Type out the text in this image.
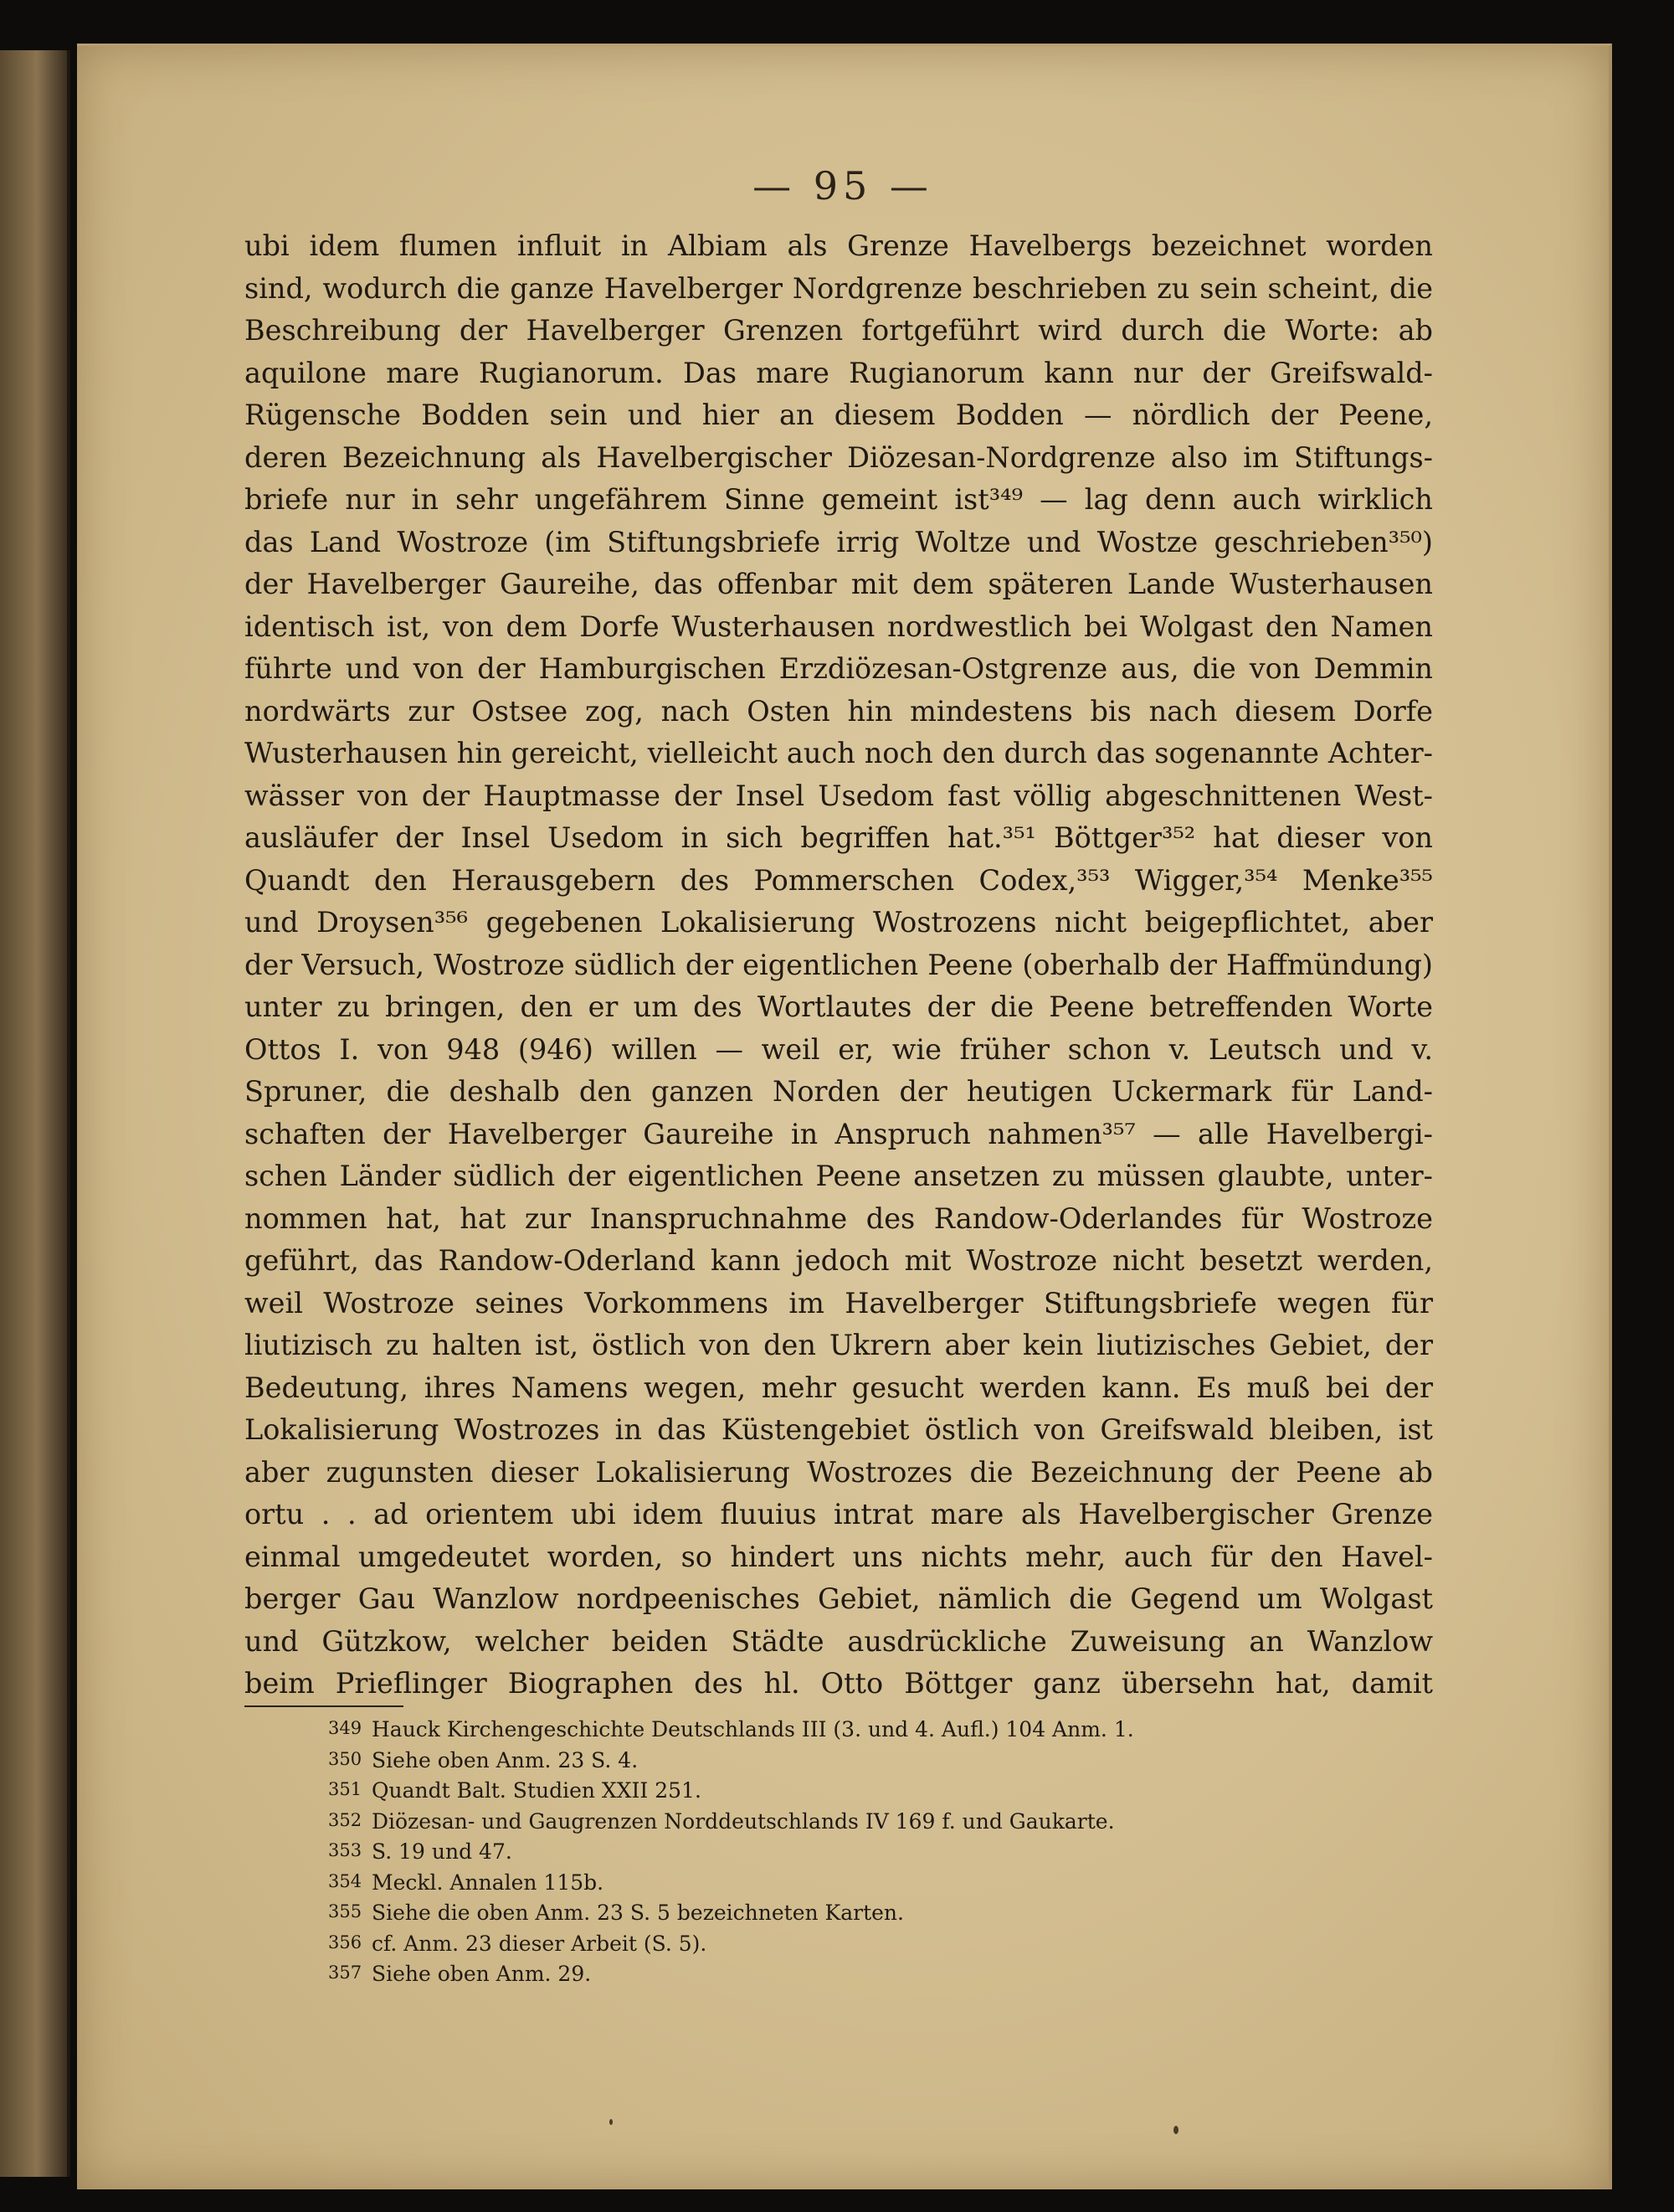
— 95 —

ubi idem flumen influit in Albiam als Grenze Havelbergs bezeichnet worden

sind, wodurch die ganze Havelberger Nordgrenze beschrieben zu sein scheint, die

Beschreibung der Havelberger Grenzen fortgeführt wird durch die Worte: ab

aquilone mare Rugianorum. Das mare Rugianorum kann nur der Greifswald-

Rügensche Bodden sein und hier an diesem Bodden — nördlich der Peene,

deren Bezeichnung als Havelbergischer Diözesan-Nordgrenze also im Stiftungs-

briefe nur in sehr ungefährem Sinne gemeint ist³⁴⁹ — lag denn auch wirklich

das Land Wostroze (im Stiftungsbriefe irrig Woltze und Wostze geschrieben³⁵⁰)

der Havelberger Gaureihe, das offenbar mit dem späteren Lande Wusterhausen

identisch ist, von dem Dorfe Wusterhausen nordwestlich bei Wolgast den Namen

führte und von der Hamburgischen Erzdiözesan-Ostgrenze aus, die von Demmin

nordwärts zur Ostsee zog, nach Osten hin mindestens bis nach diesem Dorfe

Wusterhausen hin gereicht, vielleicht auch noch den durch das sogenannte Achter-

wässer von der Hauptmasse der Insel Usedom fast völlig abgeschnittenen West-

ausläufer der Insel Usedom in sich begriffen hat.³⁵¹ Böttger³⁵² hat dieser von

Quandt den Herausgebern des Pommerschen Codex,³⁵³ Wigger,³⁵⁴ Menke³⁵⁵

und Droysen³⁵⁶ gegebenen Lokalisierung Wostrozens nicht beigepflichtet, aber

der Versuch, Wostroze südlich der eigentlichen Peene (oberhalb der Haffmündung)

unter zu bringen, den er um des Wortlautes der die Peene betreffenden Worte

Ottos I. von 948 (946) willen — weil er, wie früher schon v. Leutsch und v.

Spruner, die deshalb den ganzen Norden der heutigen Uckermark für Land-

schaften der Havelberger Gaureihe in Anspruch nahmen³⁵⁷ — alle Havelbergi-

schen Länder südlich der eigentlichen Peene ansetzen zu müssen glaubte, unter-

nommen hat, hat zur Inanspruchnahme des Randow-Oderlandes für Wostroze

geführt, das Randow-Oderland kann jedoch mit Wostroze nicht besetzt werden,

weil Wostroze seines Vorkommens im Havelberger Stiftungsbriefe wegen für

liutizisch zu halten ist, östlich von den Ukrern aber kein liutizisches Gebiet, der

Bedeutung, ihres Namens wegen, mehr gesucht werden kann. Es muß bei der

Lokalisierung Wostrozes in das Küstengebiet östlich von Greifswald bleiben, ist

aber zugunsten dieser Lokalisierung Wostrozes die Bezeichnung der Peene ab

ortu . . ad orientem ubi idem fluuius intrat mare als Havelbergischer Grenze

einmal umgedeutet worden, so hindert uns nichts mehr, auch für den Havel-

berger Gau Wanzlow nordpeenisches Gebiet, nämlich die Gegend um Wolgast

und Gützkow, welcher beiden Städte ausdrückliche Zuweisung an Wanzlow

beim Prieflinger Biographen des hl. Otto Böttger ganz übersehn hat, damit

349 Hauck Kirchengeschichte Deutschlands III (3. und 4. Aufl.) 104 Anm. 1.
350 Siehe oben Anm. 23 S. 4.
351 Quandt Balt. Studien XXII 251.
352 Diözesan- und Gaugrenzen Norddeutschlands IV 169 f. und Gaukarte.
353 S. 19 und 47.
354 Meckl. Annalen 115b.
355 Siehe die oben Anm. 23 S. 5 bezeichneten Karten.
356 cf. Anm. 23 dieser Arbeit (S. 5).
357 Siehe oben Anm. 29.
